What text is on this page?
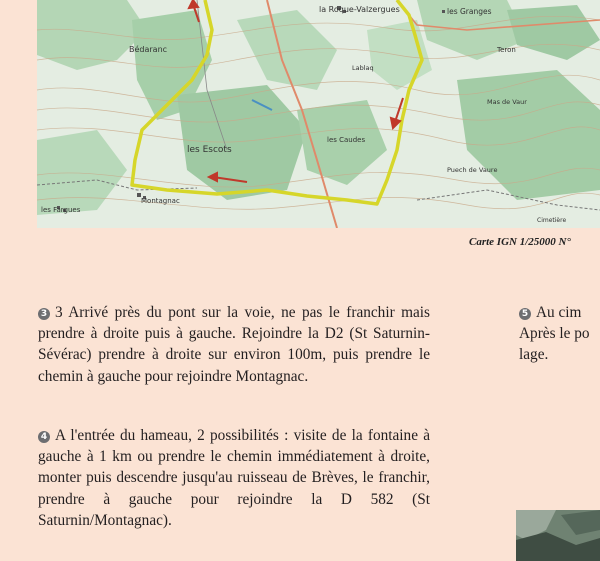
la Roque-Valzergues	les Granges
Bédaranc
les Escots
Montagnac
les Fargues
les Caudes
Teron
Puech de Vaure
Mas de Vaur
Cimetière
Lablaq
Carte IGN 1/25000 N°
3 3 Arrivé près du pont sur la voie, ne pas le franchir mais prendre à droite puis à gauche. Rejoindre la D2 (St Saturnin- Sévérac) prendre à droite sur environ 100m, puis prendre le chemin à gauche pour rejoindre Montagnac.
4 A l'entrée du hameau, 2 possibilités : visite de la fontaine à gauche à 1 km ou prendre le chemin immédiatement à droite, monter puis descendre jusqu'au ruisseau de Brèves, le franchir, prendre à gauche pour rejoindre la D 582 (St Saturnin/Montagnac).
5 Au cim
Après le po
lage.
